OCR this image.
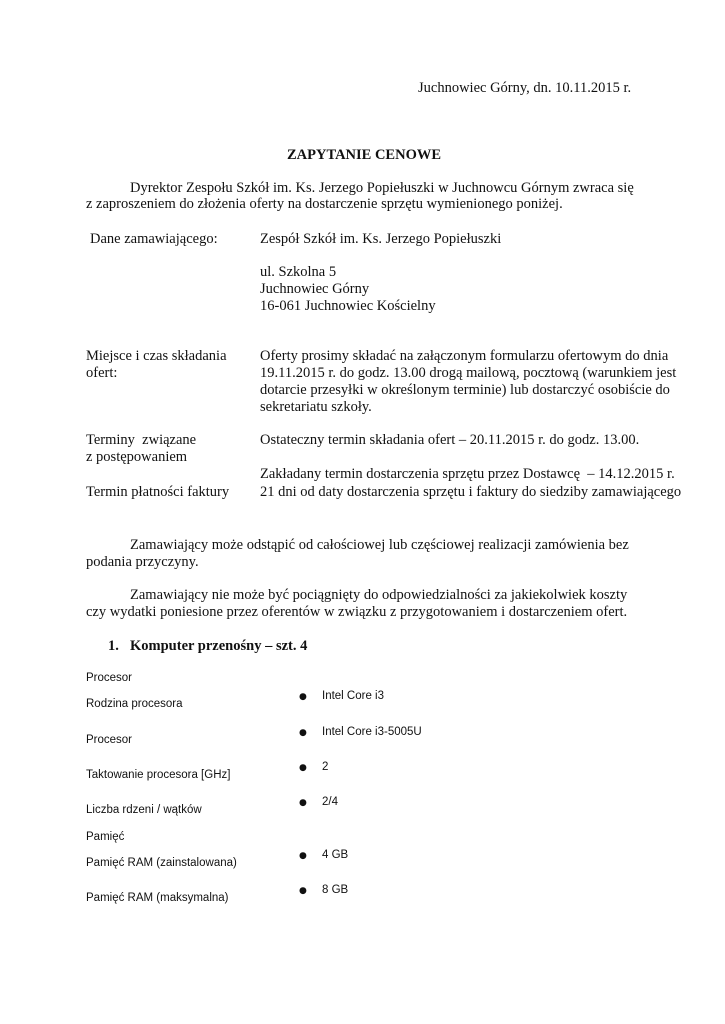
Juchnowiec Górny, dn. 10.11.2015 r.
ZAPYTANIE CENOWE
Dyrektor Zespołu Szkół im. Ks. Jerzego Popiełuszki w Juchnowcu Górnym zwraca się
z zaproszeniem do złożenia oferty na dostarczenie sprzętu wymienionego poniżej.
Dane zamawiającego:	Zespół Szkół im. Ks. Jerzego Popiełuszki
ul. Szkolna 5
Juchnowiec Górny
16-061 Juchnowiec Kościelny
Miejsce i czas składania
ofert:
Oferty prosimy składać na załączonym formularzu ofertowym do dnia
19.11.2015 r. do godz. 13.00 drogą mailową, pocztową (warunkiem jest
dotarcie przesyłki w określonym terminie) lub dostarczyć osobiście do
sekretariatu szkoły.
Terminy  związane
z postępowaniem
Ostateczny termin składania ofert – 20.11.2015 r. do godz. 13.00.
Zakładany termin dostarczenia sprzętu przez Dostawcę  – 14.12.2015 r.
Termin płatności faktury 21 dni od daty dostarczenia sprzętu i faktury do siedziby zamawiającego
Zamawiający może odstąpić od całościowej lub częściowej realizacji zamówienia bez
podania przyczyny.
Zamawiający nie może być pociągnięty do odpowiedzialności za jakiekolwiek koszty
czy wydatki poniesione przez oferentów w związku z przygotowaniem i dostarczeniem ofert.
1. Komputer przenośny – szt. 4
Procesor
Rodzina procesora
● Intel Core i3
Procesor
● Intel Core i3-5005U
Taktowanie procesora [GHz]
● 2
Liczba rdzeni / wątków
● 2/4
Pamięć
Pamięć RAM (zainstalowana)
● 4 GB
Pamięć RAM (maksymalna)
● 8 GB
